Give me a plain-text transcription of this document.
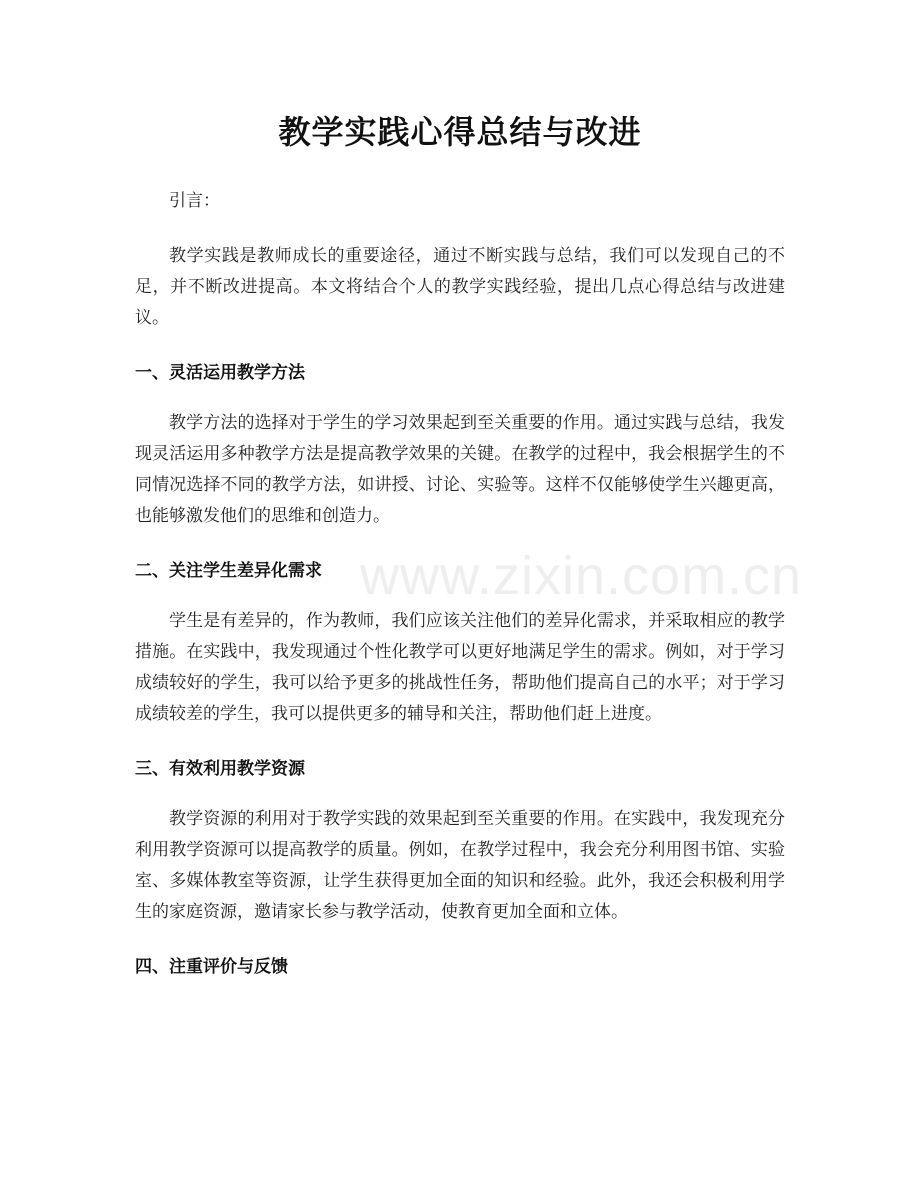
教学实践心得总结与改进

引言：

教学实践是教师成长的重要途径，通过不断实践与总结，我们可以发现自己的不足，并不断改进提高。本文将结合个人的教学实践经验，提出几点心得总结与改进建议。

一、灵活运用教学方法

教学方法的选择对于学生的学习效果起到至关重要的作用。通过实践与总结，我发现灵活运用多种教学方法是提高教学效果的关键。在教学的过程中，我会根据学生的不同情况选择不同的教学方法，如讲授、讨论、实验等。这样不仅能够使学生兴趣更高，也能够激发他们的思维和创造力。

二、关注学生差异化需求

学生是有差异的，作为教师，我们应该关注他们的差异化需求，并采取相应的教学措施。在实践中，我发现通过个性化教学可以更好地满足学生的需求。例如，对于学习成绩较好的学生，我可以给予更多的挑战性任务，帮助他们提高自己的水平；对于学习成绩较差的学生，我可以提供更多的辅导和关注，帮助他们赶上进度。

三、有效利用教学资源

教学资源的利用对于教学实践的效果起到至关重要的作用。在实践中，我发现充分利用教学资源可以提高教学的质量。例如，在教学过程中，我会充分利用图书馆、实验室、多媒体教室等资源，让学生获得更加全面的知识和经验。此外，我还会积极利用学生的家庭资源，邀请家长参与教学活动，使教育更加全面和立体。

四、注重评价与反馈
www.zixin.com.cn
